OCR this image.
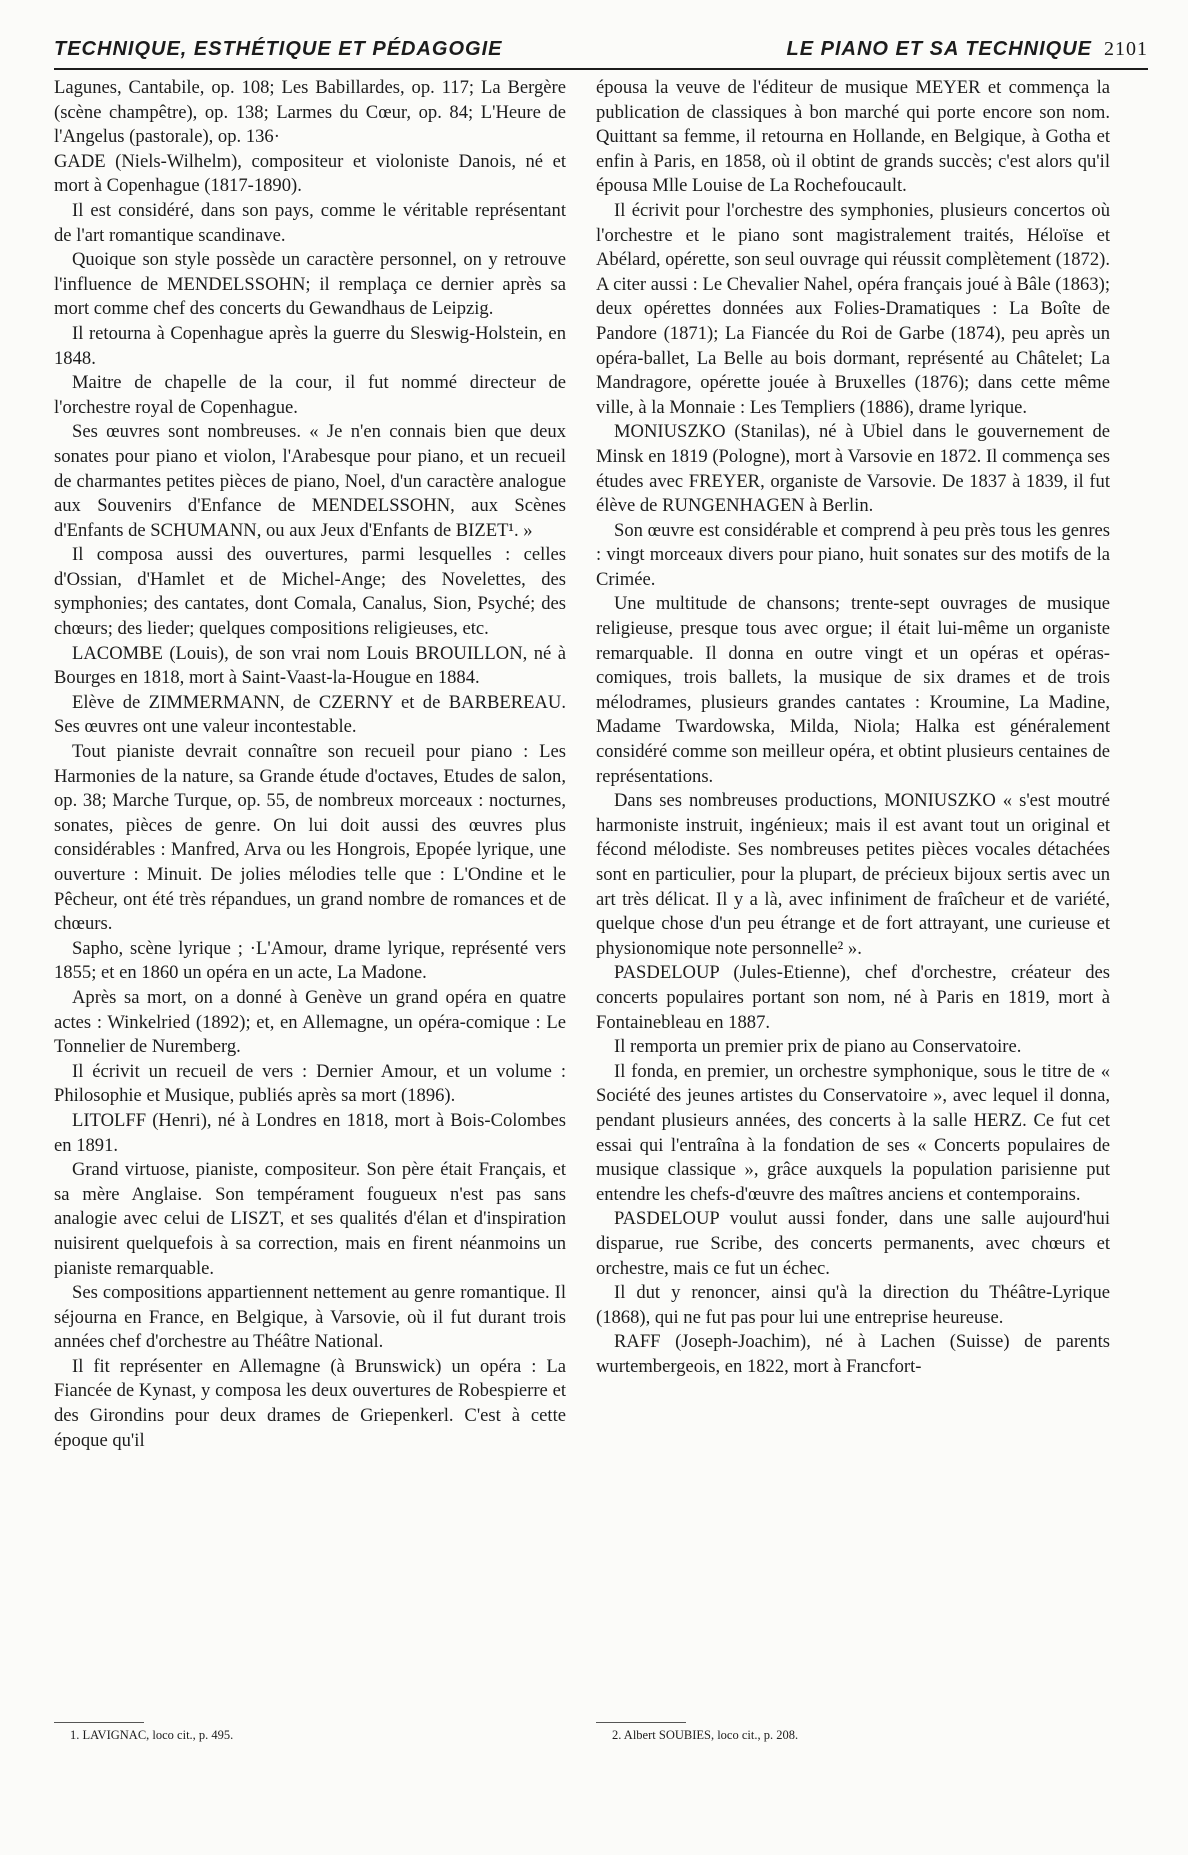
TECHNIQUE, ESTHÉTIQUE ET PÉDAGOGIE	LE PIANO ET SA TECHNIQUE 2101

Lagunes, Cantabile, op. 108; Les Babillardes, op. 117; La Bergère (scène champêtre), op. 138; Larmes du Cœur, op. 84; L'Heure de l'Angelus (pastorale), op. 136·

GADE (Niels-Wilhelm), compositeur et violoniste Danois, né et mort à Copenhague (1817-1890).

Il est considéré, dans son pays, comme le véritable représentant de l'art romantique scandinave.

Quoique son style possède un caractère personnel, on y retrouve l'influence de MENDELSSOHN; il remplaça ce dernier après sa mort comme chef des concerts du Gewandhaus de Leipzig.

Il retourna à Copenhague après la guerre du Sleswig-Holstein, en 1848.

Maitre de chapelle de la cour, il fut nommé directeur de l'orchestre royal de Copenhague.

Ses œuvres sont nombreuses. « Je n'en connais bien que deux sonates pour piano et violon, l'Arabesque pour piano, et un recueil de charmantes petites pièces de piano, Noel, d'un caractère analogue aux Souvenirs d'Enfance de MENDELSSOHN, aux Scènes d'Enfants de SCHUMANN, ou aux Jeux d'Enfants de BIZET¹. »

Il composa aussi des ouvertures, parmi lesquelles : celles d'Ossian, d'Hamlet et de Michel-Ange; des Novelettes, des symphonies; des cantates, dont Comala, Canalus, Sion, Psyché; des chœurs; des lieder; quelques compositions religieuses, etc.

LACOMBE (Louis), de son vrai nom Louis BROUILLON, né à Bourges en 1818, mort à Saint-Vaast-la-Hougue en 1884.

Elève de ZIMMERMANN, de CZERNY et de BARBEREAU. Ses œuvres ont une valeur incontestable.

Tout pianiste devrait connaître son recueil pour piano : Les Harmonies de la nature, sa Grande étude d'octaves, Etudes de salon, op. 38; Marche Turque, op. 55, de nombreux morceaux : nocturnes, sonates, pièces de genre. On lui doit aussi des œuvres plus considérables : Manfred, Arva ou les Hongrois, Epopée lyrique, une ouverture : Minuit. De jolies mélodies telle que : L'Ondine et le Pêcheur, ont été très répandues, un grand nombre de romances et de chœurs.

Sapho, scène lyrique ; ·L'Amour, drame lyrique, représenté vers 1855; et en 1860 un opéra en un acte, La Madone.

Après sa mort, on a donné à Genève un grand opéra en quatre actes : Winkelried (1892); et, en Allemagne, un opéra-comique : Le Tonnelier de Nuremberg.

Il écrivit un recueil de vers : Dernier Amour, et un volume : Philosophie et Musique, publiés après sa mort (1896).

LITOLFF (Henri), né à Londres en 1818, mort à Bois-Colombes en 1891.

Grand virtuose, pianiste, compositeur. Son père était Français, et sa mère Anglaise. Son tempérament fougueux n'est pas sans analogie avec celui de LISZT, et ses qualités d'élan et d'inspiration nuisirent quelquefois à sa correction, mais en firent néanmoins un pianiste remarquable.

Ses compositions appartiennent nettement au genre romantique. Il séjourna en France, en Belgique, à Varsovie, où il fut durant trois années chef d'orchestre au Théâtre National.

Il fit représenter en Allemagne (à Brunswick) un opéra : La Fiancée de Kynast, y composa les deux ouvertures de Robespierre et des Girondins pour deux drames de Griepenkerl. C'est à cette époque qu'il

épousa la veuve de l'éditeur de musique MEYER et commença la publication de classiques à bon marché qui porte encore son nom. Quittant sa femme, il retourna en Hollande, en Belgique, à Gotha et enfin à Paris, en 1858, où il obtint de grands succès; c'est alors qu'il épousa Mlle Louise de La Rochefoucault.

Il écrivit pour l'orchestre des symphonies, plusieurs concertos où l'orchestre et le piano sont magistralement traités, Héloïse et Abélard, opérette, son seul ouvrage qui réussit complètement (1872). A citer aussi : Le Chevalier Nahel, opéra français joué à Bâle (1863); deux opérettes données aux Folies-Dramatiques : La Boîte de Pandore (1871); La Fiancée du Roi de Garbe (1874), peu après un opéra-ballet, La Belle au bois dormant, représenté au Châtelet; La Mandragore, opérette jouée à Bruxelles (1876); dans cette même ville, à la Monnaie : Les Templiers (1886), drame lyrique.

MONIUSZKO (Stanilas), né à Ubiel dans le gouvernement de Minsk en 1819 (Pologne), mort à Varsovie en 1872. Il commença ses études avec FREYER, organiste de Varsovie. De 1837 à 1839, il fut élève de RUNGENHAGEN à Berlin.

Son œuvre est considérable et comprend à peu près tous les genres : vingt morceaux divers pour piano, huit sonates sur des motifs de la Crimée.

Une multitude de chansons; trente-sept ouvrages de musique religieuse, presque tous avec orgue; il était lui-même un organiste remarquable. Il donna en outre vingt et un opéras et opéras-comiques, trois ballets, la musique de six drames et de trois mélodrames, plusieurs grandes cantates : Kroumine, La Madine, Madame Twardowska, Milda, Niola; Halka est généralement considéré comme son meilleur opéra, et obtint plusieurs centaines de représentations.

Dans ses nombreuses productions, MONIUSZKO « s'est moutré harmoniste instruit, ingénieux; mais il est avant tout un original et fécond mélodiste. Ses nombreuses petites pièces vocales détachées sont en particulier, pour la plupart, de précieux bijoux sertis avec un art très délicat. Il y a là, avec infiniment de fraîcheur et de variété, quelque chose d'un peu étrange et de fort attrayant, une curieuse et physionomique note personnelle² ».

PASDELOUP (Jules-Etienne), chef d'orchestre, créateur des concerts populaires portant son nom, né à Paris en 1819, mort à Fontainebleau en 1887.

Il remporta un premier prix de piano au Conservatoire.

Il fonda, en premier, un orchestre symphonique, sous le titre de « Société des jeunes artistes du Conservatoire », avec lequel il donna, pendant plusieurs années, des concerts à la salle HERZ. Ce fut cet essai qui l'entraîna à la fondation de ses « Concerts populaires de musique classique », grâce auxquels la population parisienne put entendre les chefs-d'œuvre des maîtres anciens et contemporains.

PASDELOUP voulut aussi fonder, dans une salle aujourd'hui disparue, rue Scribe, des concerts permanents, avec chœurs et orchestre, mais ce fut un échec.

Il dut y renoncer, ainsi qu'à la direction du Théâtre-Lyrique (1868), qui ne fut pas pour lui une entreprise heureuse.

RAFF (Joseph-Joachim), né à Lachen (Suisse) de parents wurtembergeois, en 1822, mort à Francfort-

1. LAVIGNAC, loco cit., p. 495.	2. Albert SOUBIES, loco cit., p. 208.
